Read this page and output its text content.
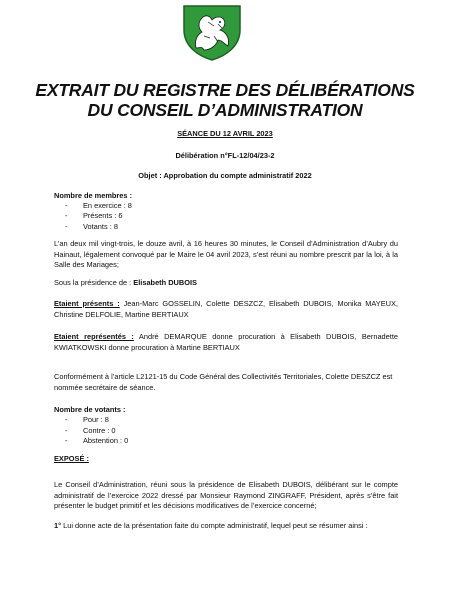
EXTRAIT DU REGISTRE DES DÉLIBÉRATIONS
DU CONSEIL D’ADMINISTRATION
SÉANCE DU 12 AVRIL 2023
Délibération n°FL-12/04/23-2
Objet : Approbation du compte administratif 2022
Nombre de membres :
- En exercice : 8
- Présents : 6
- Votants : 8
L’an deux mil vingt-trois, le douze avril, à 16 heures 30 minutes, le Conseil d’Administration d’Aubry du Hainaut, légalement convoqué par le Maire le 04 avril 2023, s’est réuni au nombre prescrit par la loi, à la Salle des Mariages;
Sous la présidence de : Elisabeth DUBOIS
Etaient présents : Jean-Marc GOSSELIN, Colette DESZCZ, Elisabeth DUBOIS, Monika MAYEUX, Christine DELFOLIE, Martine BERTIAUX
Etaient représentés : André DEMARQUE donne procuration à Elisabeth DUBOIS, Bernadette KWIATKOWSKI donne procuration à Martine BERTIAUX
Conformément à l’article L2121-15 du Code Général des Collectivités Territoriales, Colette DESZCZ est nommée secrétaire de séance.
Nombre de votants :
- Pour : 8
- Contre : 0
- Abstention : 0
EXPOSÉ :
Le Conseil d’Administration, réuni sous la présidence de Elisabeth DUBOIS, délibérant sur le compte administratif de l’exercice 2022 dressé par Monsieur Raymond ZINGRAFF, Président, après s’être fait présenter le budget primitif et les décisions modificatives de l’exercice concerné;
1° Lui donne acte de la présentation faite du compte administratif, lequel peut se résumer ainsi :
